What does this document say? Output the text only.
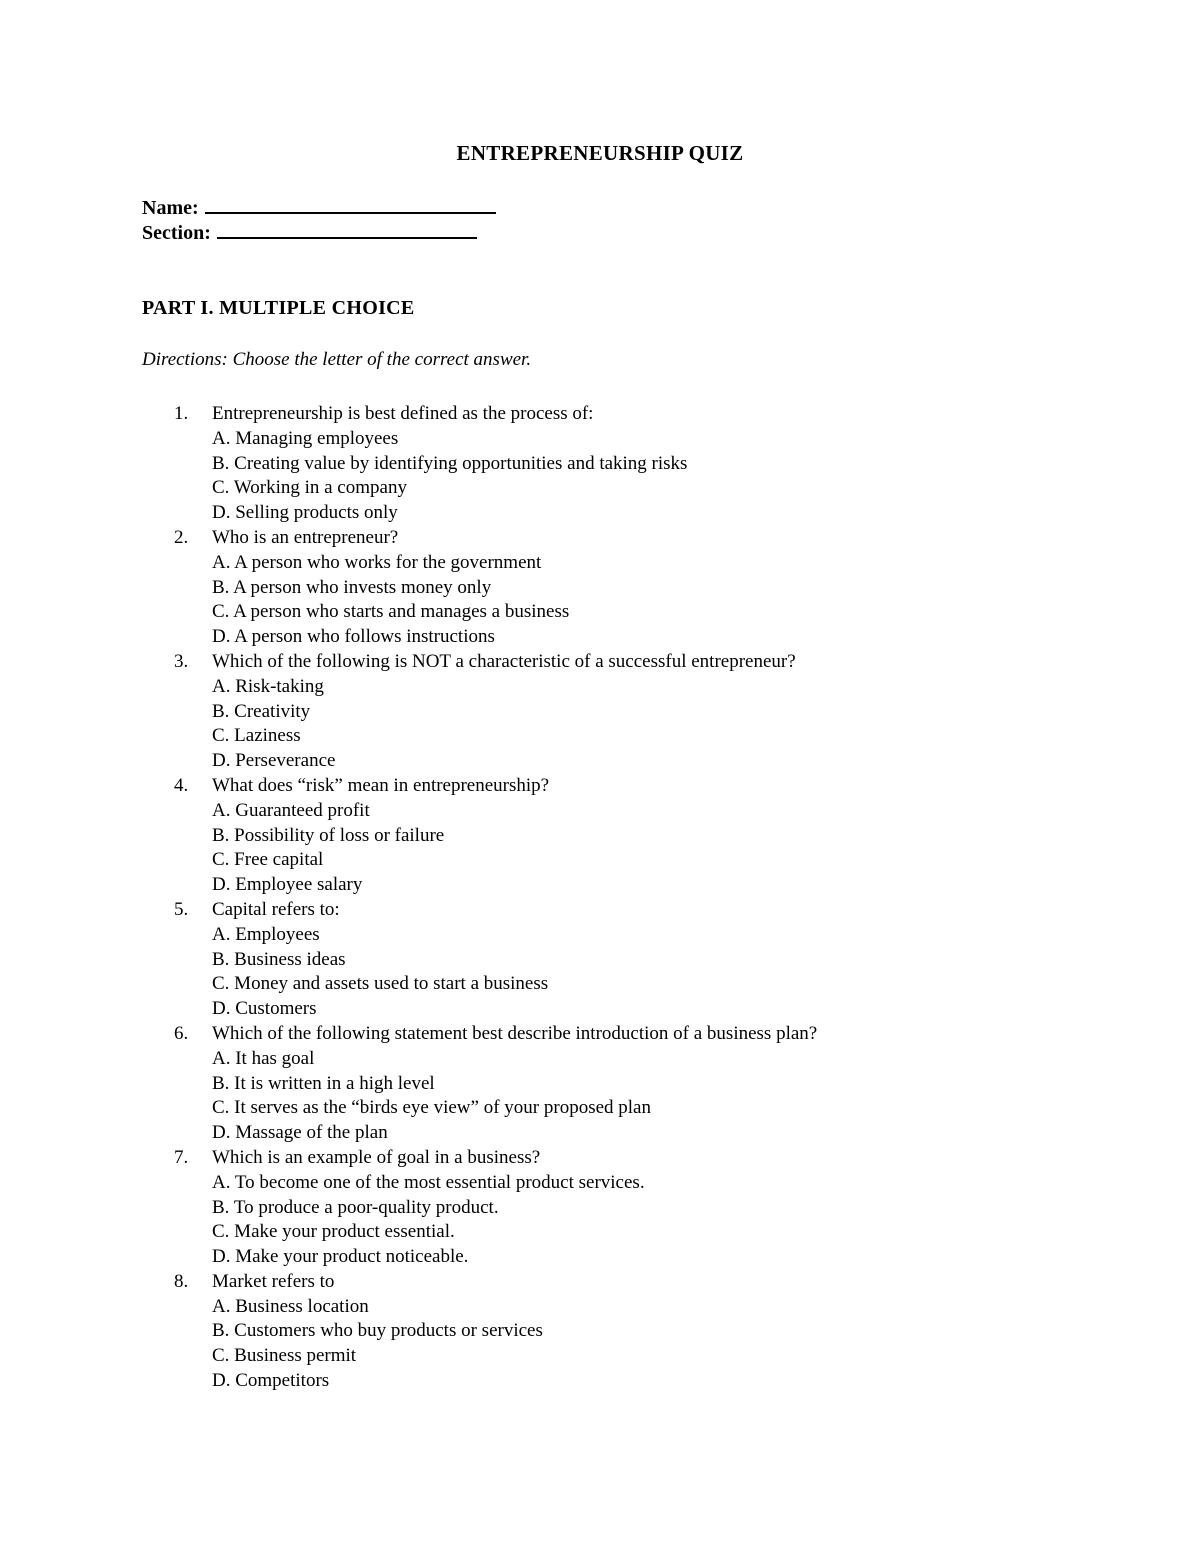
ENTREPRENEURSHIP QUIZ
Name:
Section:
PART I. MULTIPLE CHOICE
Directions: Choose the letter of the correct answer.
1. Entrepreneurship is best defined as the process of:
A. Managing employees
B. Creating value by identifying opportunities and taking risks
C. Working in a company
D. Selling products only
2. Who is an entrepreneur?
A. A person who works for the government
B. A person who invests money only
C. A person who starts and manages a business
D. A person who follows instructions
3. Which of the following is NOT a characteristic of a successful entrepreneur?
A. Risk-taking
B. Creativity
C. Laziness
D. Perseverance
4. What does “risk” mean in entrepreneurship?
A. Guaranteed profit
B. Possibility of loss or failure
C. Free capital
D. Employee salary
5. Capital refers to:
A. Employees
B. Business ideas
C. Money and assets used to start a business
D. Customers
6. Which of the following statement best describe introduction of a business plan?
A. It has goal
B. It is written in a high level
C. It serves as the “birds eye view” of your proposed plan
D. Massage of the plan
7. Which is an example of goal in a business?
A. To become one of the most essential product services.
B. To produce a poor-quality product.
C. Make your product essential.
D. Make your product noticeable.
8. Market refers to
A. Business location
B. Customers who buy products or services
C. Business permit
D. Competitors
